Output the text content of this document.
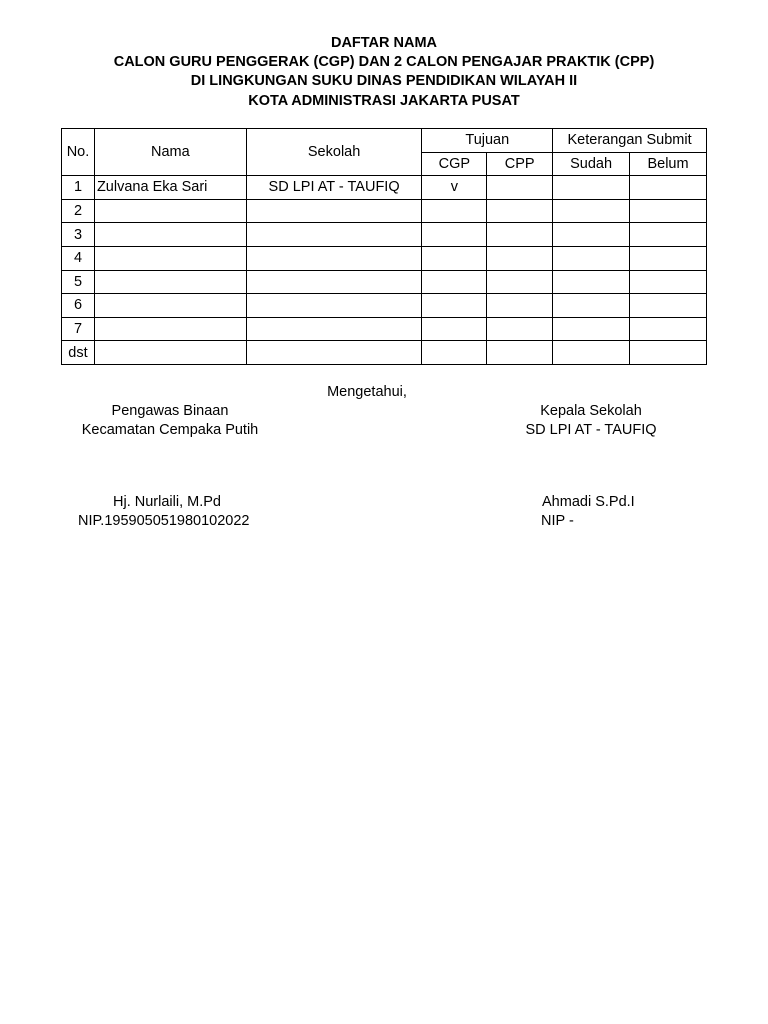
DAFTAR NAMA
CALON GURU PENGGERAK (CGP) DAN 2 CALON PENGAJAR PRAKTIK (CPP)
DI LINGKUNGAN SUKU DINAS PENDIDIKAN WILAYAH II
KOTA ADMINISTRASI JAKARTA PUSAT
No.	Nama	Sekolah	Tujuan		Keterangan Submit	
			CGP	CPP	Sudah	Belum
1	Zulvana Eka Sari	SD LPI AT - TAUFIQ	v			
2						
3						
4						
5						
6						
7						
dst						
Mengetahui,
Pengawas Binaan
Kecamatan Cempaka Putih
Kepala Sekolah
SD LPI AT - TAUFIQ
Hj. Nurlaili, M.Pd
NIP.195905051980102022
Ahmadi S.Pd.I
NIP -
